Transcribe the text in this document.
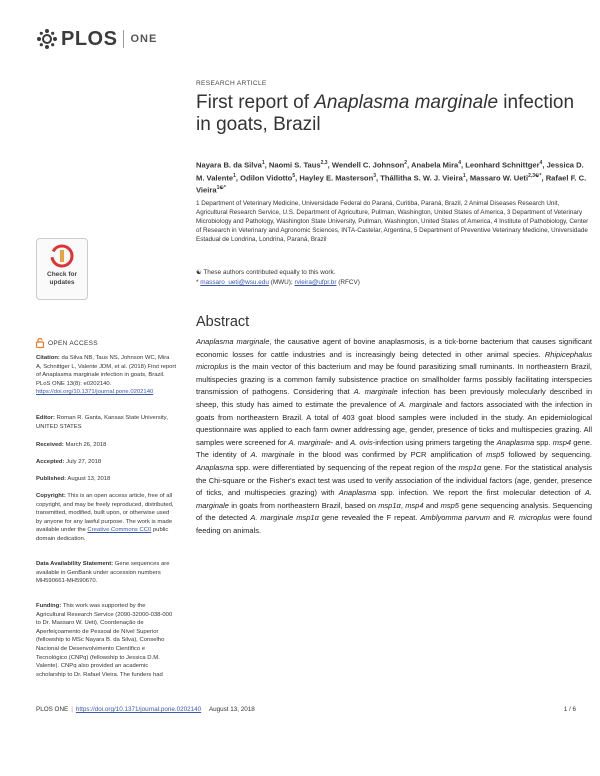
PLOS ONE
RESEARCH ARTICLE
First report of Anaplasma marginale infection in goats, Brazil
Nayara B. da Silva$^1$, Naomi S. Taus$^{2,3}$, Wendell C. Johnson$^2$, Anabela Mira$^4$, Leonhard Schnittger$^4$, Jessica D. M. Valente$^1$, Odilon Vidotto$^5$, Hayley E. Masterson$^3$, Thállitha S. W. J. Vieira$^1$, Massaro W. Ueti$^{2,3☯*}$, Rafael F. C. Vieira$^{1☯*}$
1 Department of Veterinary Medicine, Universidade Federal do Paraná, Curitiba, Paraná, Brazil, 2 Animal Diseases Research Unit, Agricultural Research Service, U.S. Department of Agriculture, Pullman, Washington, United States of America, 3 Department of Veterinary Microbiology and Pathology, Washington State University, Pullman, Washington, United States of America, 4 Institute of Pathobiology, Center of Research in Veterinary and Agronomic Sciences, INTA-Castelar, Argentina, 5 Department of Preventive Veterinary Medicine, Universidade Estadual de Londrina, Londrina, Paraná, Brazil
☯ These authors contributed equally to this work.
* massaro_ueti@wsu.edu (MWU); rvieira@ufpr.br (RFCV)
Abstract
Anaplasma marginale, the causative agent of bovine anaplasmosis, is a tick-borne bacterium that causes significant economic losses for cattle industries and is increasingly being detected in other animal species. Rhipicephalus microplus is the main vector of this bacterium and may be found parasitizing small ruminants. In northeastern Brazil, multispecies grazing is a common family subsistence practice on smallholder farms possibly facilitating interspecies transmission of pathogens. Considering that A. marginale infection has been previously molecularly described in sheep, this study has aimed to estimate the prevalence of A. marginale and factors associated with the infection in goats from northeastern Brazil. A total of 403 goat blood samples were included in the study. An epidemiological questionnaire was applied to each farm owner addressing age, gender, presence of ticks and multispecies grazing. All samples were screened for A. marginale- and A. ovis-infection using primers targeting the Anaplasma spp. msp4 gene. The identity of A. marginale in the blood was confirmed by PCR amplification of msp5 followed by sequencing. Anaplasma spp. were differentiated by sequencing of the repeat region of the msp1α gene. For the statistical analysis the Chi-square or the Fisher's exact test was used to verify association of the individual factors (age, gender, presence of ticks, and multispecies grazing) with Anaplasma spp. infection. We report the first molecular detection of A. marginale in goats from northeastern Brazil, based on msp1α, msp4 and msp5 gene sequencing analysis. Sequencing of the detected A. marginale msp1α gene revealed the F repeat. Amblyomma parvum and R. microplus were found feeding on animals.
Check for updates
OPEN ACCESS
Citation: da Silva NB, Taus NS, Johnson WC, Mira A, Schnittger L, Valente JDM, et al. (2018) First report of Anaplasma marginale infection in goats, Brazil. PLoS ONE 13(8): e0202140. https://doi.org/10.1371/journal.pone.0202140
Editor: Roman R. Ganta, Kansas State University, UNITED STATES
Received: March 26, 2018
Accepted: July 27, 2018
Published: August 13, 2018
Copyright: This is an open access article, free of all copyright, and may be freely reproduced, distributed, transmitted, modified, built upon, or otherwise used by anyone for any lawful purpose. The work is made available under the Creative Commons CC0 public domain dedication.
Data Availability Statement: Gene sequences are available in GenBank under accession numbers MH590661-MH590670.
Funding: This work was supported by the Agricultural Research Service (2090-32000-038-000 to Dr. Massaro W. Ueti), Coordenação de Aperfeiçoamento de Pessoal de Nível Superior (fellowship to MSc Nayara B. da Silva), Conselho Nacional de Desenvolvimento Científico e Tecnológico (CNPq) (fellowship to Jessica D.M. Valente). CNPq also provided an academic scholarship to Dr. Rafael Vieira. The funders had
PLOS ONE | https://doi.org/10.1371/journal.pone.0202140 August 13, 2018	1 / 6
